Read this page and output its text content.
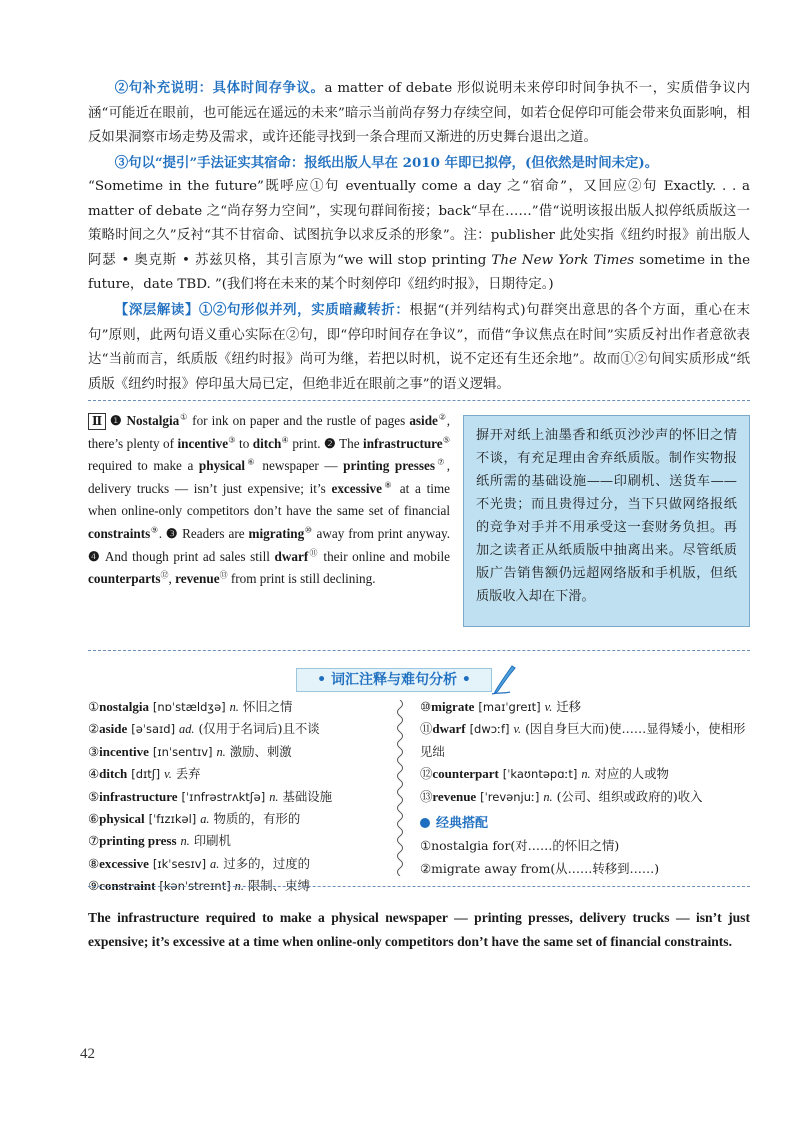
②句补充说明：具体时间存争议。a matter of debate 形似说明未来停印时间争执不一，实质借争议内涵“可能近在眼前，也可能远在遥远的未来”暗示当前尚存努力存续空间，如若仓促停印可能会带来负面影响，相反如果洞察市场走势及需求，或许还能寻找到一条合理而又渐进的历史舞台退出之道。

③句以“提引”手法证实其宿命：报纸出版人早在 2010 年即已拟停，(但依然是时间未定)。

“Sometime in the future”既呼应①句 eventually come a day 之“宿命”，又回应②句 Exactly. . . a matter of debate 之“尚存努力空间”，实现句群间衔接；back“早在……”借“说明该报出版人拟停纸质版这一策略时间之久”反衬“其不甘宿命、试图抗争以求反杀的形象”。注：publisher 此处实指《纽约时报》前出版人阿瑟 • 奥克斯 • 苏兹贝格，其引言原为“we will stop printing The New York Times sometime in the future，date TBD. ”(我们将在未来的某个时刻停印《纽约时报》，日期待定。)

【深层解读】①②句形似并列，实质暗藏转折：根据“(并列结构式)句群突出意思的各个方面，重心在末句”原则，此两句语义重心实际在②句，即“停印时间存在争议”，而借“争议焦点在时间”实质反衬出作者意欲表达“当前而言，纸质版《纽约时报》尚可为继，若把以时机，说不定还有生还余地”。故而①②句间实质形成“纸质版《纽约时报》停印虽大局已定，但绝非近在眼前之事”的语义逻辑。

Ⅱ ❶ Nostalgia① for ink on paper and the rustle of pages aside②, there’s plenty of incentive③ to ditch④ print. ❷ The infrastructure⑤ required to make a physical⑥ newspaper — printing presses⑦, delivery trucks — isn’t just expensive; it’s excessive⑧ at a time when online-only competitors don’t have the same set of financial constraints⑨. ❸ Readers are migrating⑩ away from print anyway. ❹ And though print ad sales still dwarf⑪ their online and mobile counterparts⑫, revenue⑬ from print is still declining.
摒开对纸上油墨香和纸页沙沙声的怀旧之情不谈，有充足理由舍弃纸质版。制作实物报纸所需的基础设施——印刷机、送货车——不光贵；而且贵得过分，当下只做网络报纸的竞争对手并不用承受这一套财务负担。再加之读者正从纸质版中抽离出来。尽管纸质版广告销售额仍远超网络版和手机版，但纸质版收入却在下滑。
• 词汇注释与难句分析 •
①nostalgia [nɒˈstældʒə] n. 怀旧之情
②aside [əˈsaɪd] ad. (仅用于名词后)且不谈
③incentive [ɪnˈsentɪv] n. 激励、刺激
④ditch [dɪtʃ] v. 丢弃
⑤infrastructure [ˈɪnfrəstrʌktʃə] n. 基础设施
⑥physical [ˈfɪzɪkəl] a. 物质的，有形的
⑦printing press n. 印刷机
⑧excessive [ɪkˈsesɪv] a. 过多的，过度的
⑨constraint [kənˈstreɪnt] n. 限制、束缚
⑩migrate [maɪˈgreɪt] v. 迁移
⑪dwarf [dwɔːf] v. (因自身巨大而)使……显得矮小，使相形见绌
⑫counterpart [ˈkaʊntəpɑːt] n. 对应的人或物
⑬revenue [ˈrevənjuː] n. (公司、组织或政府的)收入
经典搭配
①nostalgia for(对……的怀旧之情)
②migrate away from(从……转移到……)
The infrastructure required to make a physical newspaper — printing presses, delivery trucks — isn’t just expensive; it’s excessive at a time when online-only competitors don’t have the same set of financial constraints.
42
